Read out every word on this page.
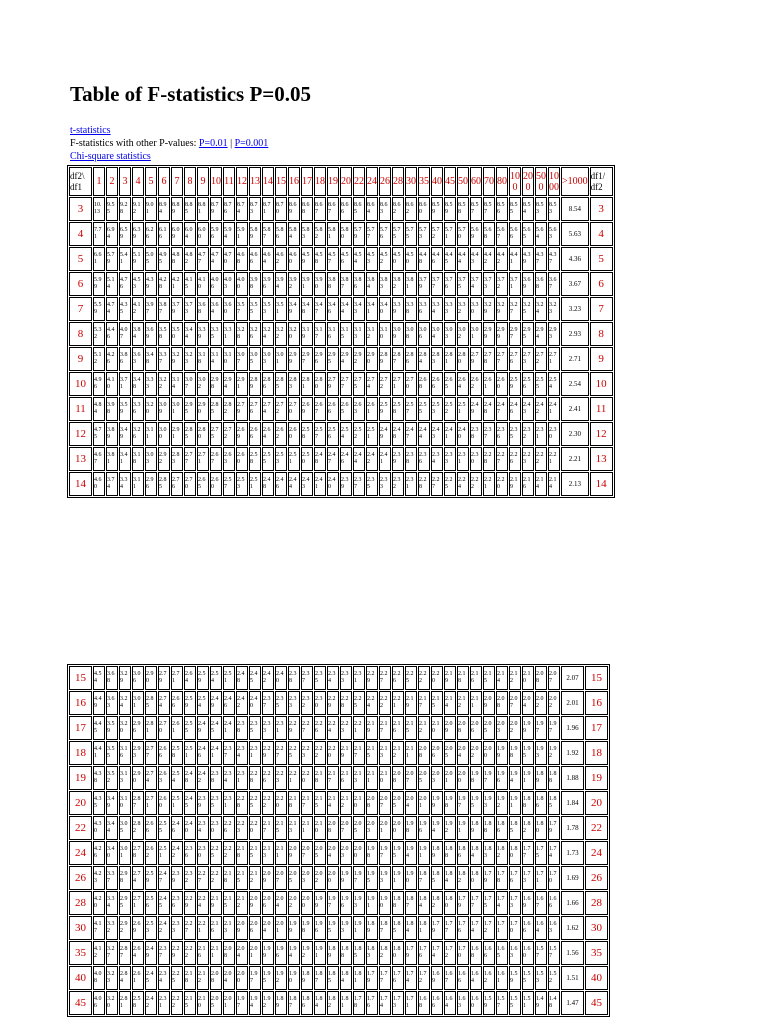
Table of F-statistics P=0.05
t-statistics
F-statistics with other P-values: P=0.01 | P=0.001
Chi-square statistics
df2\ df1	1	2	3	4	5	6	7	8	9	10	11	12	13	14	15	16	17	18	19	20	22	24	26	28	30	35	40	45	50	60	70	80	100	200	500	1000	>1000	df1/ df2
3	10.13	9.55	9.28	9.12	9.01	8.94	8.89	8.85	8.81	8.79	8.76	8.74	8.73	8.71	8.70	8.69	8.68	8.67	8.67	8.66	8.65	8.64	8.63	8.62	8.62	8.60	8.59	8.59	8.58	8.57	8.57	8.56	8.55	8.54	8.53	8.53	8.54	3
4	7.71	6.94	6.59	6.39	6.26	6.16	6.09	6.04	6.00	5.96	5.94	5.91	5.89	5.87	5.86	5.84	5.83	5.82	5.81	5.80	5.79	5.77	5.76	5.75	5.75	5.73	5.72	5.71	5.70	5.69	5.68	5.67	5.66	5.65	5.64	5.63	5.63	4
5	6.61	5.79	5.41	5.19	5.05	4.95	4.88	4.82	4.77	4.74	4.70	4.68	4.66	4.64	4.62	4.60	4.59	4.58	4.57	4.56	4.54	4.53	4.52	4.50	4.50	4.48	4.46	4.45	4.44	4.43	4.42	4.42	4.41	4.39	4.37	4.37	4.36	5
6	5.99	5.14	4.76	4.53	4.39	4.28	4.21	4.15	4.10	4.06	4.03	4.00	3.98	3.96	3.94	3.92	3.91	3.90	3.88	3.87	3.86	3.84	3.83	3.82	3.81	3.79	3.77	3.76	3.75	3.74	3.73	3.72	3.71	3.69	3.68	3.67	3.67	6
7	5.59	4.74	4.35	4.12	3.97	3.87	3.79	3.73	3.68	3.64	3.60	3.57	3.55	3.53	3.51	3.49	3.48	3.47	3.46	3.44	3.43	3.41	3.40	3.39	3.38	3.36	3.34	3.33	3.32	3.30	3.29	3.29	3.27	3.25	3.24	3.23	3.23	7
8	5.32	4.46	4.07	3.84	3.69	3.58	3.50	3.44	3.39	3.35	3.31	3.28	3.26	3.24	3.22	3.20	3.19	3.17	3.16	3.15	3.13	3.12	3.10	3.09	3.08	3.06	3.04	3.03	3.02	3.01	2.99	2.99	2.97	2.95	2.94	2.93	2.93	8
9	5.12	4.26	3.86	3.63	3.48	3.37	3.29	3.23	3.18	3.14	3.10	3.07	3.05	3.03	3.01	2.99	2.97	2.96	2.95	2.94	2.92	2.90	2.89	2.87	2.86	2.84	2.83	2.81	2.80	2.79	2.78	2.77	2.76	2.73	2.72	2.71	2.71	9
10	4.96	4.10	3.71	3.48	3.33	3.22	3.14	3.07	3.02	2.98	2.94	2.91	2.89	2.86	2.85	2.83	2.81	2.80	2.79	2.77	2.75	2.74	2.72	2.71	2.70	2.68	2.66	2.65	2.64	2.62	2.61	2.60	2.59	2.56	2.55	2.54	2.54	10
11	4.84	3.98	3.59	3.36	3.20	3.09	3.01	2.95	2.90	2.85	2.82	2.79	2.76	2.74	2.72	2.70	2.69	2.67	2.66	2.65	2.63	2.61	2.59	2.58	2.57	2.55	2.53	2.52	2.51	2.49	2.48	2.47	2.46	2.43	2.42	2.41	2.41	11
12	4.75	3.89	3.49	3.26	3.11	3.00	2.91	2.85	2.80	2.75	2.72	2.69	2.66	2.64	2.62	2.60	2.58	2.57	2.56	2.54	2.52	2.51	2.49	2.48	2.47	2.44	2.43	2.41	2.40	2.38	2.37	2.36	2.35	2.32	2.31	2.30	2.30	12
13	4.67	3.81	3.41	3.18	3.03	2.92	2.83	2.77	2.71	2.67	2.63	2.60	2.58	2.55	2.53	2.51	2.50	2.48	2.47	2.46	2.44	2.42	2.41	2.39	2.38	2.36	2.34	2.33	2.31	2.30	2.28	2.27	2.26	2.23	2.22	2.21	2.21	13
14	4.60	3.74	3.34	3.11	2.96	2.85	2.76	2.70	2.65	2.60	2.57	2.53	2.51	2.48	2.46	2.44	2.43	2.41	2.40	2.39	2.37	2.35	2.33	2.32	2.31	2.28	2.27	2.25	2.24	2.22	2.21	2.20	2.19	2.16	2.14	2.14	2.13	14
15	4.54	3.68	3.29	3.06	2.90	2.79	2.71	2.64	2.59	2.54	2.51	2.48	2.45	2.42	2.40	2.38	2.37	2.35	2.34	2.33	2.31	2.29	2.27	2.26	2.25	2.22	2.20	2.19	2.18	2.16	2.15	2.14	2.12	2.10	2.08	2.07	2.07	15
16	4.49	3.63	3.24	3.01	2.85	2.74	2.66	2.59	2.54	2.49	2.46	2.42	2.40	2.37	2.35	2.33	2.32	2.30	2.29	2.28	2.25	2.24	2.22	2.21	2.19	2.17	2.15	2.14	2.12	2.11	2.09	2.08	2.07	2.04	2.02	2.02	2.01	16
17	4.45	3.59	3.20	2.96	2.81	2.70	2.61	2.55	2.49	2.45	2.41	2.38	2.35	2.33	2.31	2.29	2.27	2.26	2.24	2.23	2.21	2.19	2.17	2.16	2.15	2.12	2.10	2.09	2.08	2.06	2.05	2.03	2.02	1.99	1.97	1.97	1.96	17
18	4.41	3.55	3.16	2.93	2.77	2.66	2.58	2.51	2.46	2.41	2.37	2.34	2.31	2.29	2.27	2.25	2.23	2.22	2.20	2.19	2.17	2.15	2.13	2.12	2.11	2.08	2.06	2.05	2.04	2.02	2.00	1.99	1.98	1.95	1.93	1.92	1.92	18
19	4.38	3.52	3.13	2.90	2.74	2.63	2.54	2.48	2.42	2.38	2.34	2.31	2.28	2.26	2.23	2.21	2.20	2.18	2.17	2.16	2.13	2.11	2.10	2.08	2.07	2.05	2.03	2.01	2.00	1.98	1.97	1.96	1.94	1.91	1.89	1.88	1.88	19
20	4.35	3.49	3.10	2.87	2.71	2.60	2.51	2.45	2.39	2.35	2.31	2.28	2.25	2.22	2.20	2.18	2.17	2.15	2.14	2.12	2.10	2.08	2.07	2.05	2.04	2.01	1.99	1.98	1.97	1.95	1.93	1.92	1.91	1.88	1.86	1.85	1.84	20
22	4.30	3.44	3.05	2.82	2.66	2.55	2.46	2.40	2.34	2.30	2.26	2.23	2.20	2.17	2.15	2.13	2.11	2.10	2.08	2.07	2.05	2.03	2.01	2.00	1.98	1.96	1.94	1.92	1.91	1.89	1.88	1.86	1.85	1.82	1.80	1.79	1.78	22
24	4.26	3.40	3.01	2.78	2.62	2.51	2.42	2.36	2.30	2.25	2.22	2.18	2.15	2.13	2.11	2.09	2.07	2.05	2.04	2.03	2.00	1.98	1.97	1.95	1.94	1.91	1.89	1.88	1.86	1.84	1.83	1.82	1.80	1.77	1.75	1.74	1.73	24
26	4.23	3.37	2.98	2.74	2.59	2.47	2.39	2.32	2.27	2.22	2.18	2.15	2.12	2.09	2.07	2.05	2.03	2.02	2.00	1.99	1.97	1.95	1.93	1.91	1.90	1.87	1.85	1.84	1.82	1.80	1.79	1.78	1.76	1.73	1.71	1.70	1.69	26
28	4.20	3.34	2.95	2.71	2.56	2.45	2.36	2.29	2.24	2.19	2.15	2.12	2.09	2.06	2.04	2.02	2.00	1.99	1.97	1.96	1.93	1.91	1.90	1.88	1.87	1.84	1.82	1.80	1.79	1.77	1.75	1.74	1.73	1.69	1.67	1.66	1.66	28
30	4.17	3.32	2.92	2.69	2.53	2.42	2.33	2.27	2.21	2.16	2.13	2.09	2.06	2.04	2.01	1.99	1.98	1.96	1.95	1.93	1.91	1.89	1.87	1.85	1.84	1.81	1.79	1.77	1.76	1.74	1.72	1.71	1.70	1.66	1.64	1.63	1.62	30
35	4.12	3.27	2.87	2.64	2.49	2.37	2.29	2.22	2.16	2.11	2.08	2.04	2.01	1.99	1.96	1.94	1.92	1.91	1.89	1.88	1.85	1.83	1.82	1.80	1.79	1.76	1.74	1.72	1.70	1.68	1.66	1.65	1.63	1.60	1.57	1.57	1.56	35
40	4.08	3.23	2.84	2.61	2.45	2.34	2.25	2.18	2.12	2.08	2.04	2.00	1.97	1.95	1.92	1.90	1.89	1.87	1.85	1.84	1.81	1.79	1.77	1.76	1.74	1.72	1.69	1.67	1.66	1.64	1.62	1.61	1.59	1.55	1.53	1.52	1.51	40
45	4.06	3.20	2.81	2.58	2.42	2.31	2.22	2.15	2.10	2.05	2.01	1.97	1.94	1.92	1.89	1.87	1.86	1.84	1.82	1.81	1.78	1.76	1.74	1.73	1.71	1.68	1.66	1.64	1.63	1.60	1.59	1.57	1.55	1.51	1.49	1.48	1.47	45
